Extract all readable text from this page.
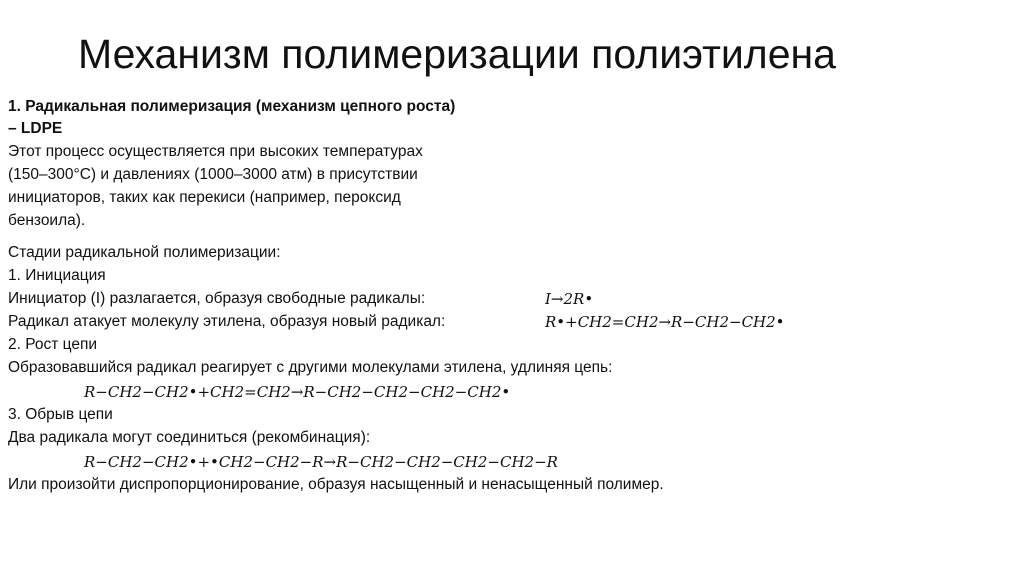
Механизм полимеризации полиэтилена
1. Радикальная полимеризация (механизм цепного роста)
– LDPE
Этот процесс осуществляется при высоких температурах
(150–300°C) и давлениях (1000–3000 атм) в присутствии
инициаторов, таких как перекиси (например, пероксид
бензоила).
Стадии радикальной полимеризации:
1. Инициация
Инициатор (I) разлагается, образуя свободные радикалы:	I→2R•
Радикал атакует молекулу этилена, образуя новый радикал:	R•+CH2=CH2→R−CH2−CH2•
2. Рост цепи
Образовавшийся радикал реагирует с другими молекулами этилена, удлиняя цепь:
R−CH2−CH2•+CH2=CH2→R−CH2−CH2−CH2−CH2•
3. Обрыв цепи
Два радикала могут соединиться (рекомбинация):
R−CH2−CH2•+•CH2−CH2−R→R−CH2−CH2−CH2−CH2−R
Или произойти диспропорционирование, образуя насыщенный и ненасыщенный полимер.
